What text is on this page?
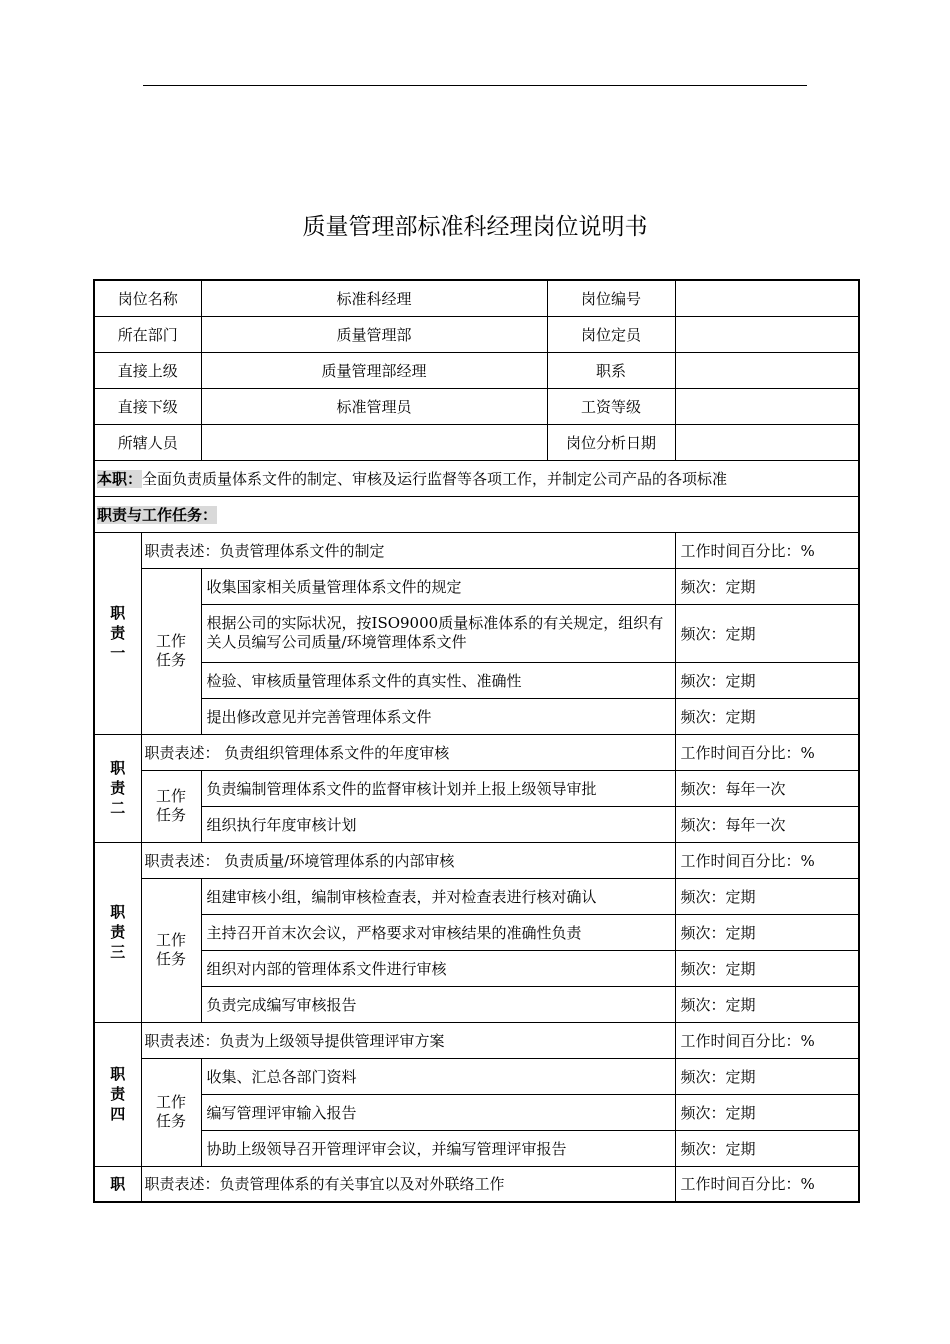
质量管理部标准科经理岗位说明书
岗位名称		标准科经理	岗位编号	
所在部门		质量管理部	岗位定员	
直接上级		质量管理部经理	职系	
直接下级		标准管理员	工资等级	
所辖人员			岗位分析日期	
本职：全面负责质量体系文件的制定、审核及运行监督等各项工作，并制定公司产品的各项标准				
职责与工作任务：				

职
责
一	职责表述：负责管理体系文件的制定			工作时间百分比：%

	工作
任务	收集国家相关质量管理体系文件的规定		频次：定期
		根据公司的实际状况，按ISO9000质量标准体系的有关规定，组织有关人员编写公司质量/环境管理体系文件		频次：定期
		检验、审核质量管理体系文件的真实性、准确性		频次：定期
		提出修改意见并完善管理体系文件		频次：定期

职
责
二	职责表述： 负责组织管理体系文件的年度审核			工作时间百分比：%

	工作
任务	负责编制管理体系文件的监督审核计划并上报上级领导审批		频次：每年一次
		组织执行年度审核计划		频次：每年一次

职
责
三	职责表述： 负责质量/环境管理体系的内部审核			工作时间百分比：%

	工作
任务	组建审核小组，编制审核检查表，并对检查表进行核对确认		频次：定期
		主持召开首末次会议，严格要求对审核结果的准确性负责		频次：定期
		组织对内部的管理体系文件进行审核		频次：定期
		负责完成编写审核报告		频次：定期

职
责
四	职责表述：负责为上级领导提供管理评审方案			工作时间百分比：%

	工作
任务	收集、汇总各部门资料		频次：定期
		编写管理评审输入报告		频次：定期
		协助上级领导召开管理评审会议，并编写管理评审报告		频次：定期
职	职责表述：负责管理体系的有关事宜以及对外联络工作			工作时间百分比：%
